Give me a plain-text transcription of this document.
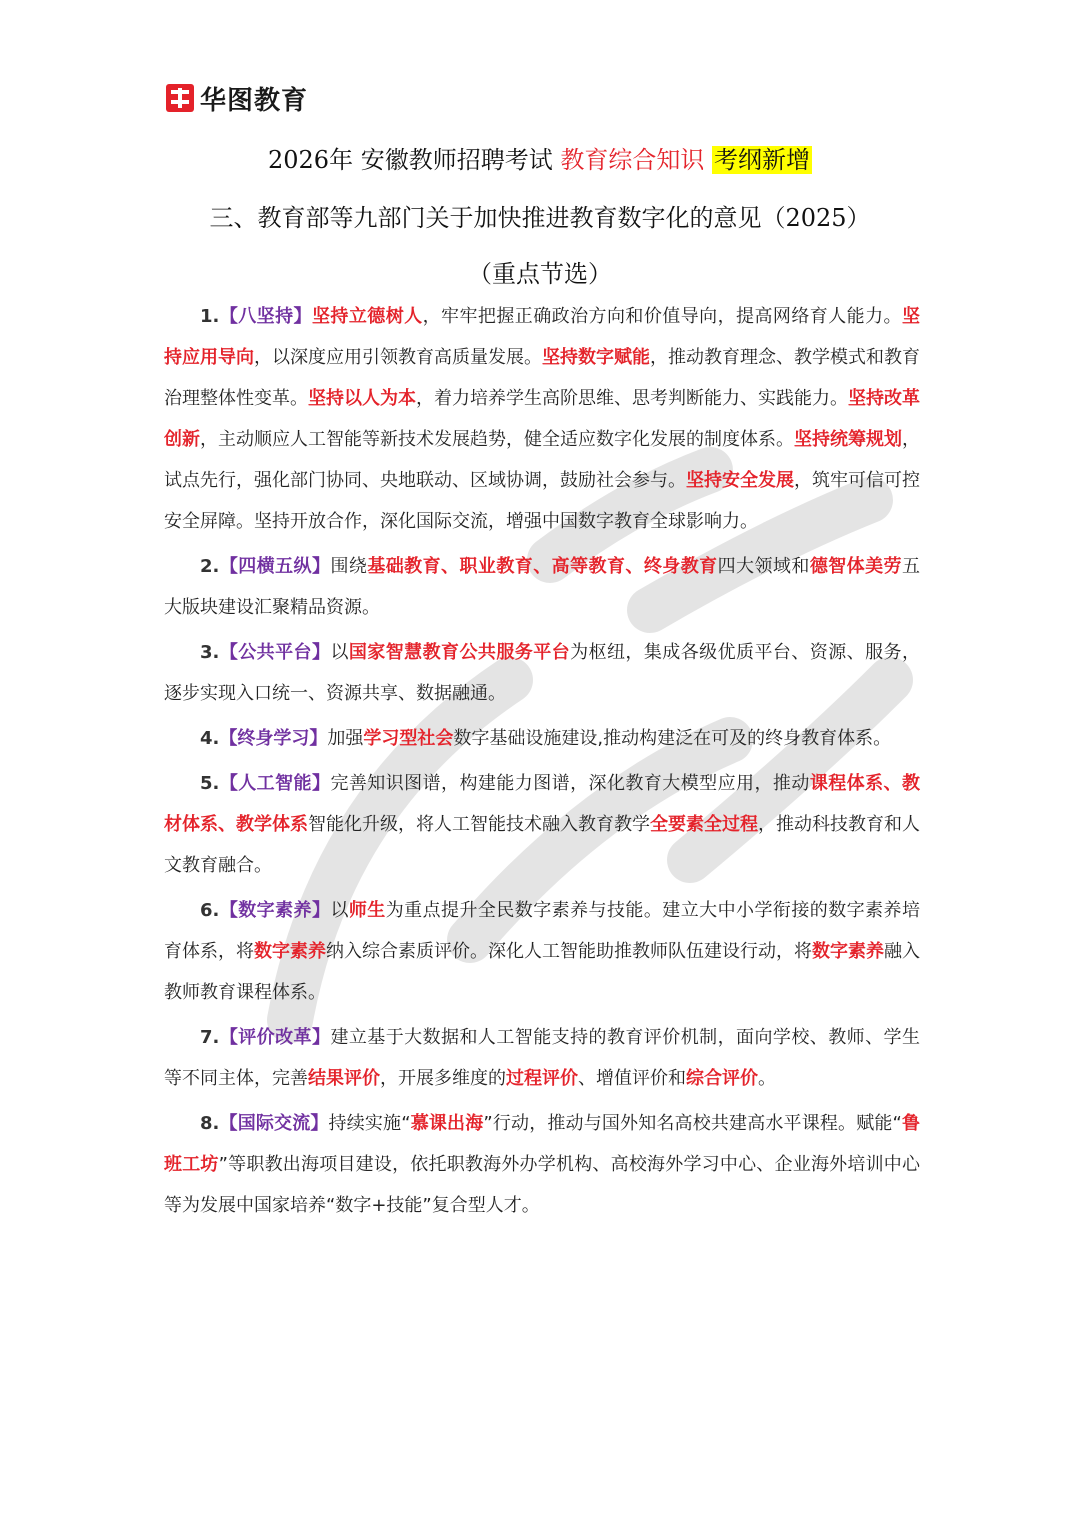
华图教育
2026年 安徽教师招聘考试 教育综合知识 考纲新增
三、教育部等九部门关于加快推进教育数字化的意见（2025）
（重点节选）

1.【八坚持】坚持立德树人，牢牢把握正确政治方向和价值导向，提高网络育人能力。坚持应用导向，以深度应用引领教育高质量发展。坚持数字赋能，推动教育理念、教学模式和教育治理整体性变革。坚持以人为本，着力培养学生高阶思维、思考判断能力、实践能力。坚持改革创新，主动顺应人工智能等新技术发展趋势，健全适应数字化发展的制度体系。坚持统筹规划，试点先行，强化部门协同、央地联动、区域协调，鼓励社会参与。坚持安全发展，筑牢可信可控安全屏障。坚持开放合作，深化国际交流，增强中国数字教育全球影响力。

2.【四横五纵】围绕基础教育、职业教育、高等教育、终身教育四大领域和德智体美劳五大版块建设汇聚精品资源。

3.【公共平台】以国家智慧教育公共服务平台为枢纽，集成各级优质平台、资源、服务，逐步实现入口统一、资源共享、数据融通。

4.【终身学习】加强学习型社会数字基础设施建设,推动构建泛在可及的终身教育体系。

5.【人工智能】完善知识图谱，构建能力图谱，深化教育大模型应用，推动课程体系、教材体系、教学体系智能化升级，将人工智能技术融入教育教学全要素全过程，推动科技教育和人文教育融合。

6.【数字素养】以师生为重点提升全民数字素养与技能。建立大中小学衔接的数字素养培育体系，将数字素养纳入综合素质评价。深化人工智能助推教师队伍建设行动，将数字素养融入教师教育课程体系。

7.【评价改革】建立基于大数据和人工智能支持的教育评价机制，面向学校、教师、学生等不同主体，完善结果评价，开展多维度的过程评价、增值评价和综合评价。

8.【国际交流】持续实施“慕课出海”行动，推动与国外知名高校共建高水平课程。赋能“鲁班工坊”等职教出海项目建设，依托职教海外办学机构、高校海外学习中心、企业海外培训中心等为发展中国家培养“数字+技能”复合型人才。
